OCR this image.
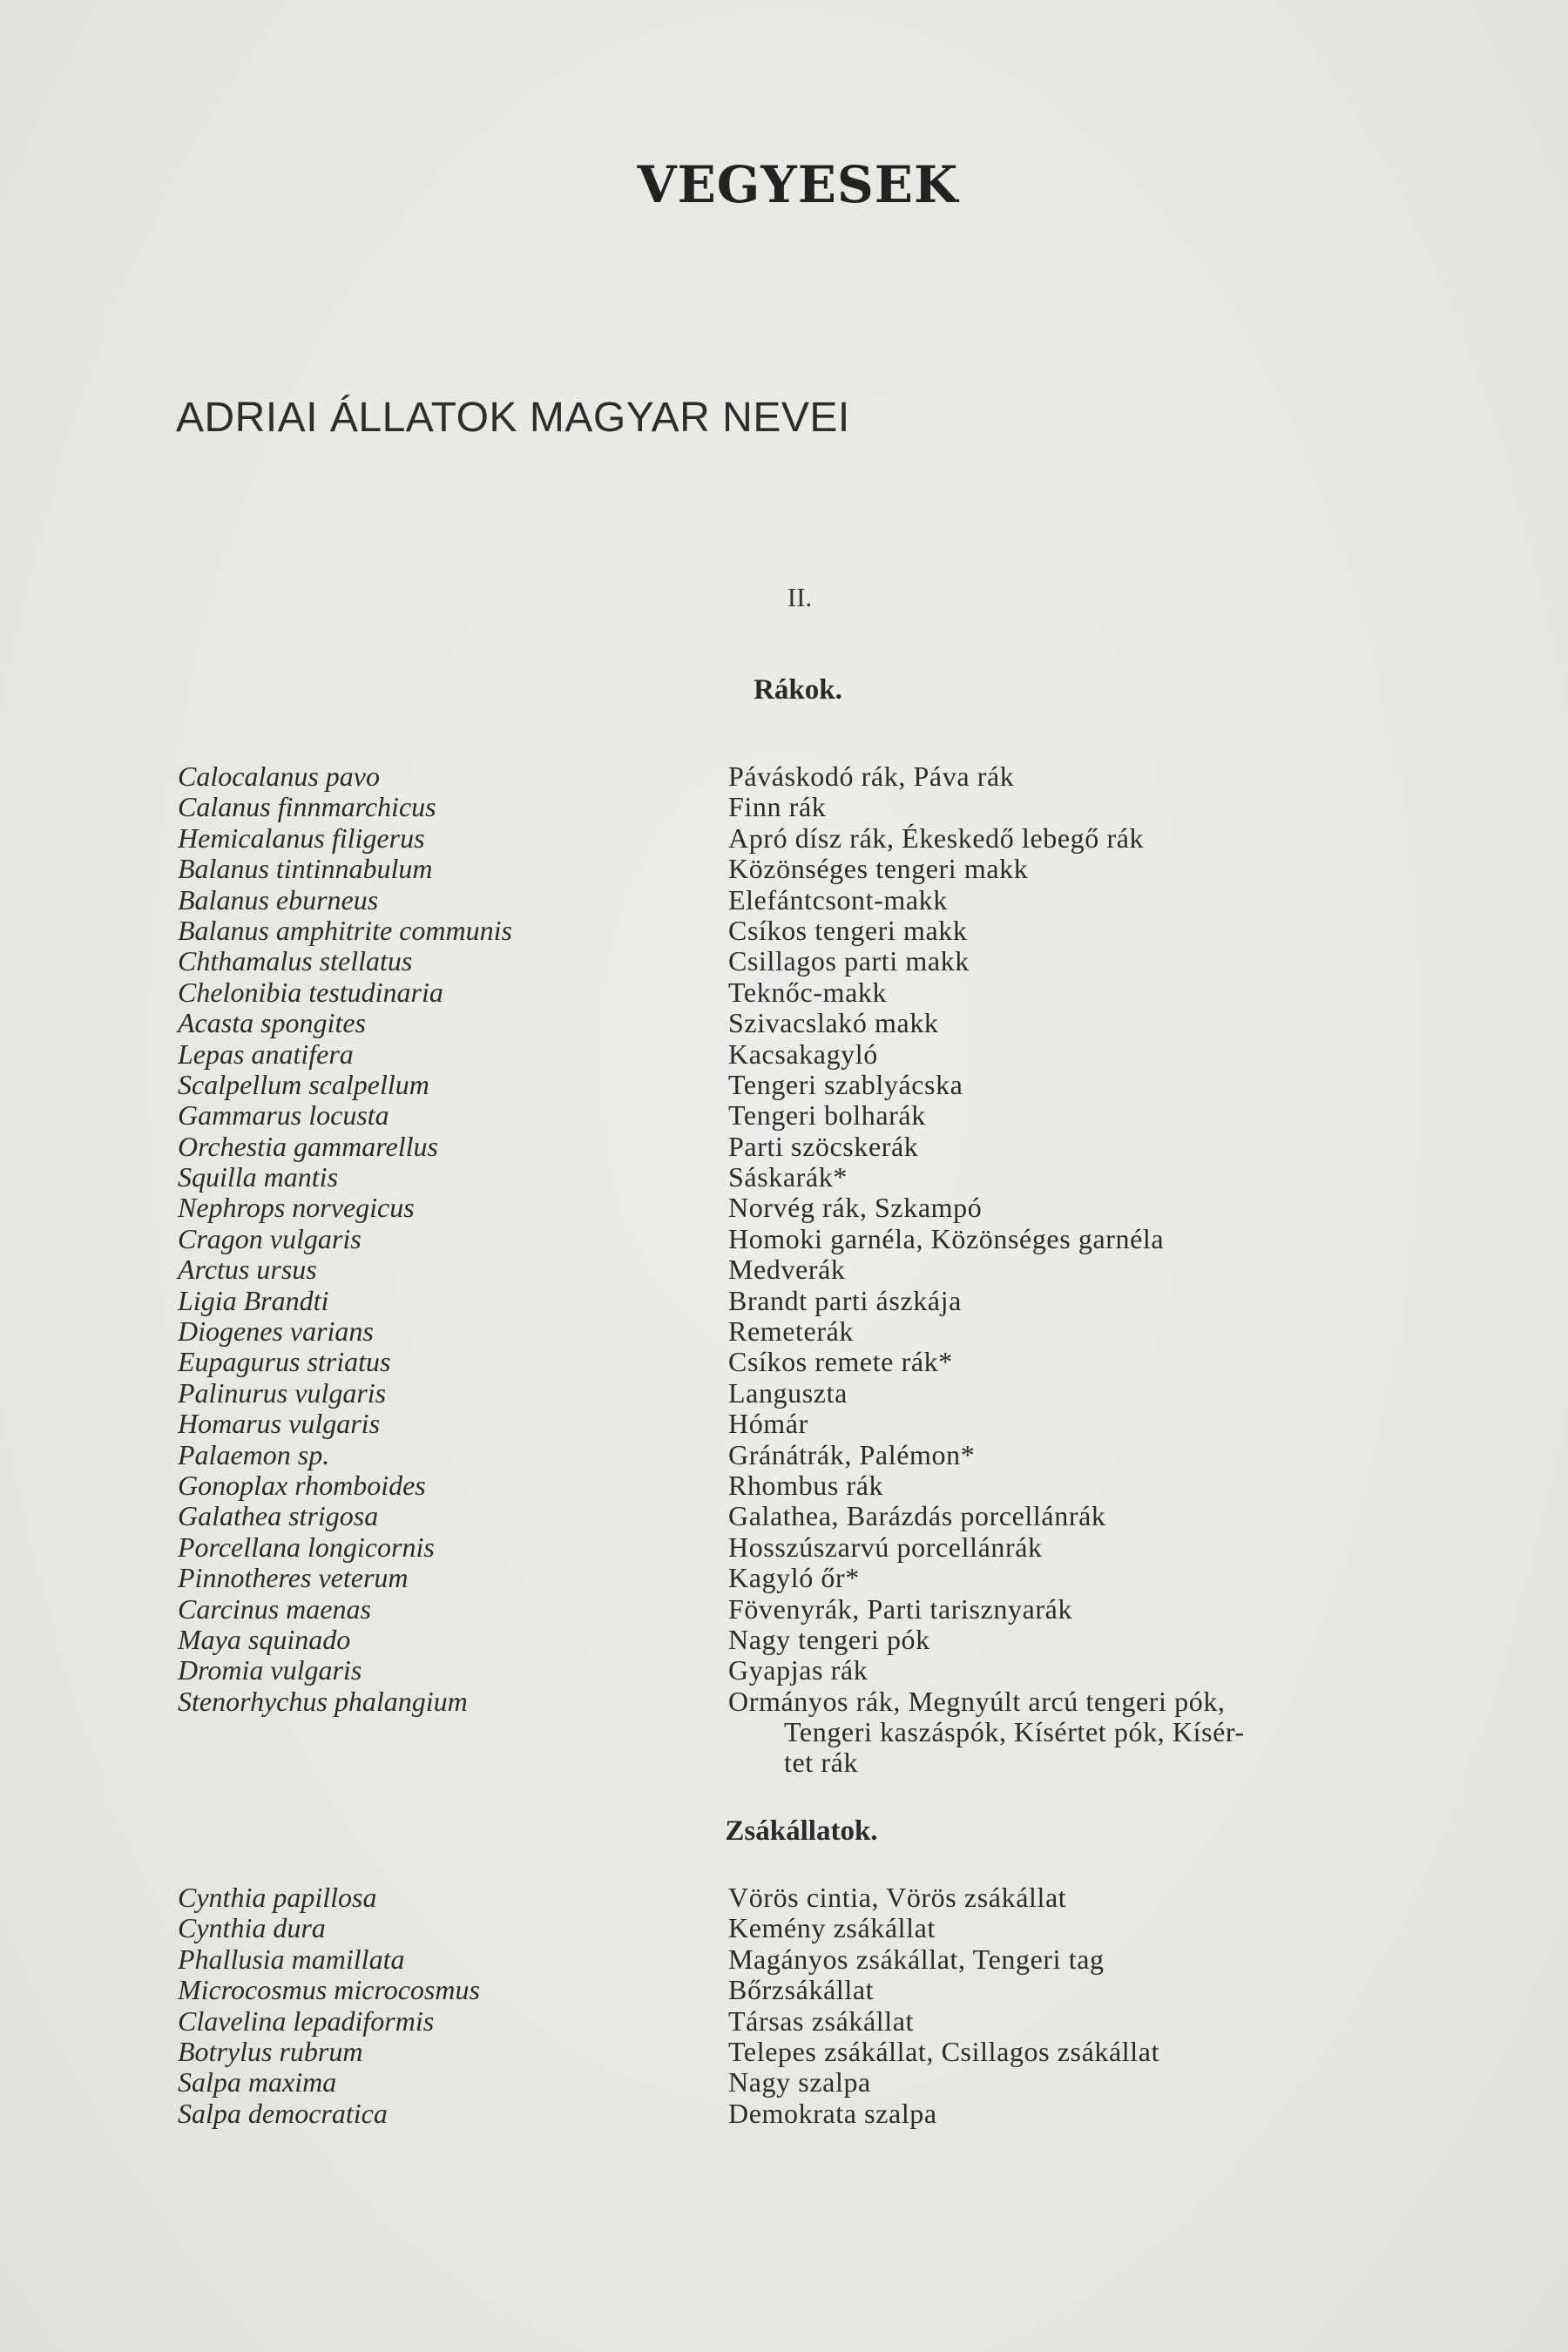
VEGYESEK
ADRIAI ÁLLATOK MAGYAR NEVEI
II.
Rákok.
Calocalanus pavo	Páváskodó rák, Páva rák
Calanus finnmarchicus	Finn rák
Hemicalanus filigerus	Apró dísz rák, Ékeskedő lebegő rák
Balanus tintinnabulum	Közönséges tengeri makk
Balanus eburneus	Elefántcsont-makk
Balanus amphitrite communis	Csíkos tengeri makk
Chthamalus stellatus	Csillagos parti makk
Chelonibia testudinaria	Teknőc-makk
Acasta spongites	Szivacslakó makk
Lepas anatifera	Kacsakagyló
Scalpellum scalpellum	Tengeri szablyácska
Gammarus locusta	Tengeri bolharák
Orchestia gammarellus	Parti szöcskerák
Squilla mantis	Sáskarák*
Nephrops norvegicus	Norvég rák, Szkampó
Cragon vulgaris	Homoki garnéla, Közönséges garnéla
Arctus ursus	Medverák
Ligia Brandti	Brandt parti ászkája
Diogenes varians	Remeterák
Eupagurus striatus	Csíkos remete rák*
Palinurus vulgaris	Languszta
Homarus vulgaris	Hómár
Palaemon sp.	Gránátrák, Palémon*
Gonoplax rhomboides	Rhombus rák
Galathea strigosa	Galathea, Barázdás porcellánrák
Porcellana longicornis	Hosszúszarvú porcellánrák
Pinnotheres veterum	Kagyló őr*
Carcinus maenas	Fövenyrák, Parti tarisznyarák
Maya squinado	Nagy tengeri pók
Dromia vulgaris	Gyapjas rák
Stenorhychus phalangium	Ormányos rák, Megnyúlt arcú tengeri pók,
Tengeri kaszáspók, Kísértet pók, Kísér-
tet rák
Zsákállatok.
Cynthia papillosa	Vörös cintia, Vörös zsákállat
Cynthia dura	Kemény zsákállat
Phallusia mamillata	Magányos zsákállat, Tengeri tag
Microcosmus microcosmus	Bőrzsákállat
Clavelina lepadiformis	Társas zsákállat
Botrylus rubrum	Telepes zsákállat, Csillagos zsákállat
Salpa maxima	Nagy szalpa
Salpa democratica	Demokrata szalpa
